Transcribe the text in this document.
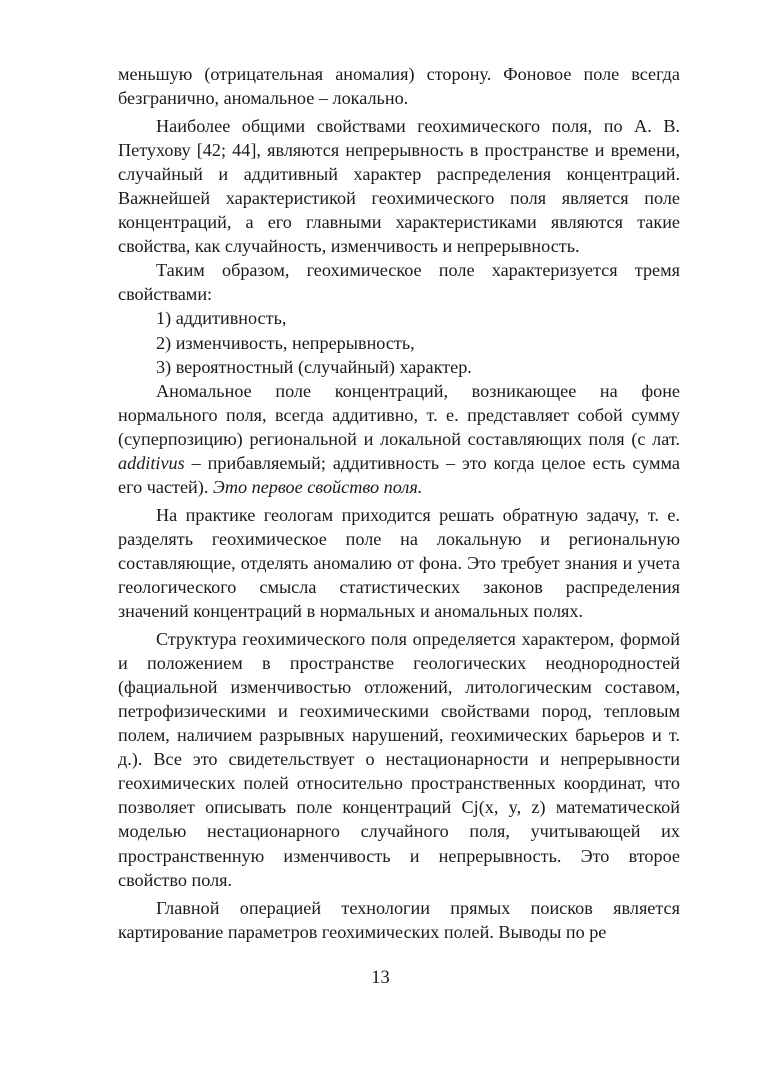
меньшую (отрицательная аномалия) сторону. Фоновое поле всегда безгранично, аномальное – локально.

Наиболее общими свойствами геохимического поля, по А. В. Петухову [42; 44], являются непрерывность в пространстве и времени, случайный и аддитивный характер распределения концентраций. Важнейшей характеристикой геохимического поля является поле концентраций, а его главными характеристиками являются такие свойства, как случайность, изменчивость и непрерывность.

Таким образом, геохимическое поле характеризуется тремя свойствами:

1) аддитивность,
2) изменчивость, непрерывность,
3) вероятностный (случайный) характер.

Аномальное поле концентраций, возникающее на фоне нормального поля, всегда аддитивно, т. е. представляет собой сумму (суперпозицию) региональной и локальной составляющих поля (с лат. additivus – прибавляемый; аддитивность – это когда целое есть сумма его частей). Это первое свойство поля.

На практике геологам приходится решать обратную задачу, т. е. разделять геохимическое поле на локальную и региональную составляющие, отделять аномалию от фона. Это требует знания и учета геологического смысла статистических законов распределения значений концентраций в нормальных и аномальных полях.

Структура геохимического поля определяется характером, формой и положением в пространстве геологических неоднородностей (фациальной изменчивостью отложений, литологическим составом, петрофизическими и геохимическими свойствами пород, тепловым полем, наличием разрывных нарушений, геохимических барьеров и т. д.). Все это свидетельствует о нестационарности и непрерывности геохимических полей относительно пространственных координат, что позволяет описывать поле концентраций Cj(x, y, z) математической моделью нестационарного случайного поля, учитывающей их пространственную изменчивость и непрерывность. Это второе свойство поля.

Главной операцией технологии прямых поисков является картирование параметров геохимических полей. Выводы по ре

13
